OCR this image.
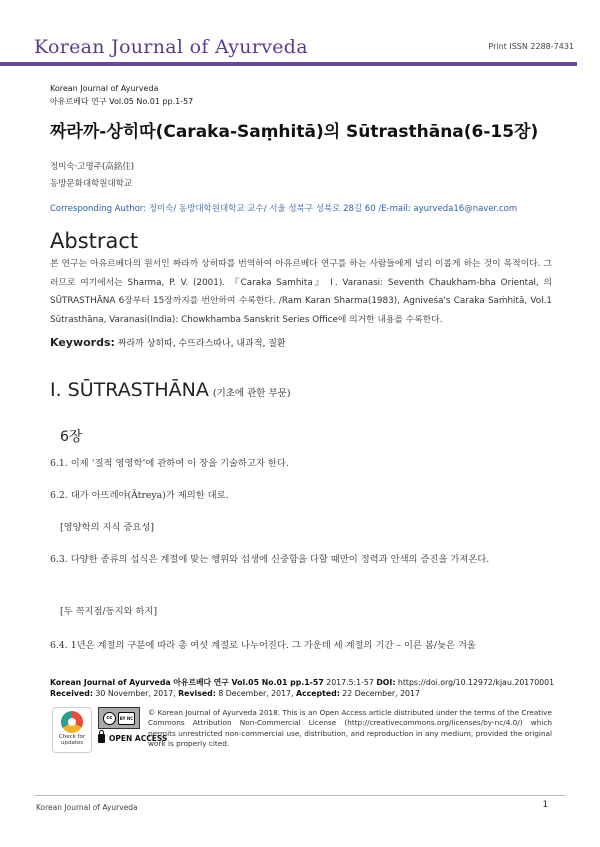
Korean Journal of Ayurveda	Print ISSN 2288-7431
Korean Journal of Ayurveda
아유르베다 연구 Vol.05 No.01 pp.1-57
짜라까-상히따(Caraka-Saṃhitā)의 Sūtrasthāna(6-15장)
정미숙·고명주(高銘住)
동방문화대학원대학교
Corresponding Author: 정미숙/ 동방대학원대학교 교수/ 서울 성북구 성북로 28길 60 /E-mail: ayurveda16@naver.com
Abstract
본 연구는 아유르베다의 원서인 짜라까 상히따를 번역하여 아유르베다 연구를 하는 사람들에게 널리 이롭게 하는 것이 목적이다. 그러므로 여기에서는 Sharma, P. V. (2001). 『Caraka Samhita』 Ⅰ. Varanasi: Seventh Chaukham-bha Oriental, 의 SŪTRASTHĀNA 6장부터 15장까지를 번안하여 수록한다. /Ram Karan Sharma(1983), Agniveśa's Caraka Saṁhitā, Vol.1 Sūtrasthāna, Varanasi(India): Chowkhamba Sanskrit Series Office에 의거한 내용을 수록한다.
Keywords: 짜라까 상히따, 수뜨라스따나, 내과적, 질환
Ⅰ. SŪTRASTHĀNA (기초에 관한 부문)
6장
6.1. 이제 ‘질적 영영학’에 관하여 이 장을 기술하고자 한다.
6.2. 대가 아뜨레야(Ātreya)가 제의한 대로.
[영양학의 지식 중요성]
6.3. 다양한 종류의 섭식은 계절에 맞는 행위와 섭생에 신중함을 다할 때만이 정력과 안색의 증진을 가져온다.
[두 꼭지점/동지와 하지]
6.4. 1년은 계절의 구분에 따라 총 여섯 계절로 나누어진다. 그 가운데 세 계절의 기간 – 이른 봄/늦은 겨울
Korean Journal of Ayurveda 아유르베다 연구 Vol.05 No.01 pp.1-57 2017.5:1-57 DOI: https://doi.org/10.12972/kjau.20170001
Received: 30 November, 2017, Revised: 8 December, 2017, Accepted: 22 December, 2017
Check for updates
cc	BY NC
OPEN ACCESS
© Korean Journal of Ayurveda 2018. This is an Open Access article distributed under the terms of the Creative Commons Attribution Non-Commercial License (http://creativecommons.org/licenses/by-nc/4.0/) which permits unrestricted non-commercial use, distribution, and reproduction in any medium, provided the original work is properly cited.
Korean Journal of Ayurveda	1
